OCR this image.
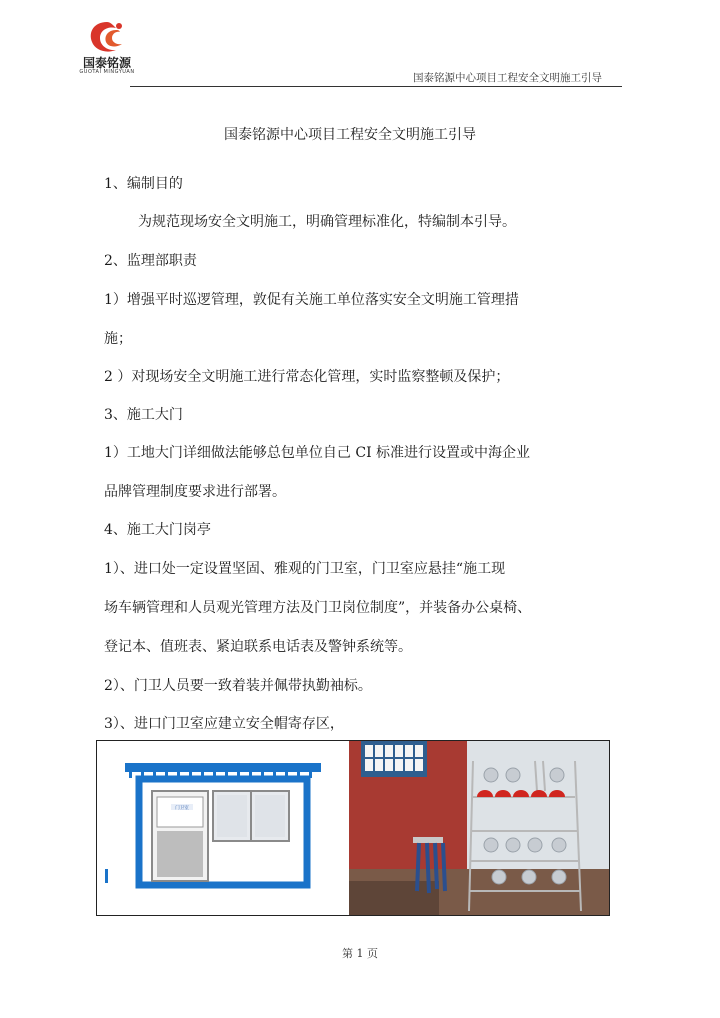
国泰铭源
GUOTAI MINGYUAN	国泰铭源中心项目工程安全文明施工引导
国泰铭源中心项目工程安全文明施工引导
1、编制目的
为规范现场安全文明施工，明确管理标准化，特编制本引导。
2、监理部职责
1）增强平时巡逻管理，敦促有关施工单位落实安全文明施工管理措
施；
2 ）对现场安全文明施工进行常态化管理，实时监察整顿及保护；
3、施工大门
1）工地大门详细做法能够总包单位自己 CI 标准进行设置或中海企业
品牌管理制度要求进行部署。
4、施工大门岗亭
1）、进口处一定设置坚固、雅观的门卫室，门卫室应悬挂“施工现
场车辆管理和人员观光管理方法及门卫岗位制度”，并装备办公桌椅、
登记本、值班表、紧迫联系电话表及警钟系统等。
2）、门卫人员要一致着装并佩带执勤袖标。
3）、进口门卫室应建立安全帽寄存区，
门卫室
第 1 页
